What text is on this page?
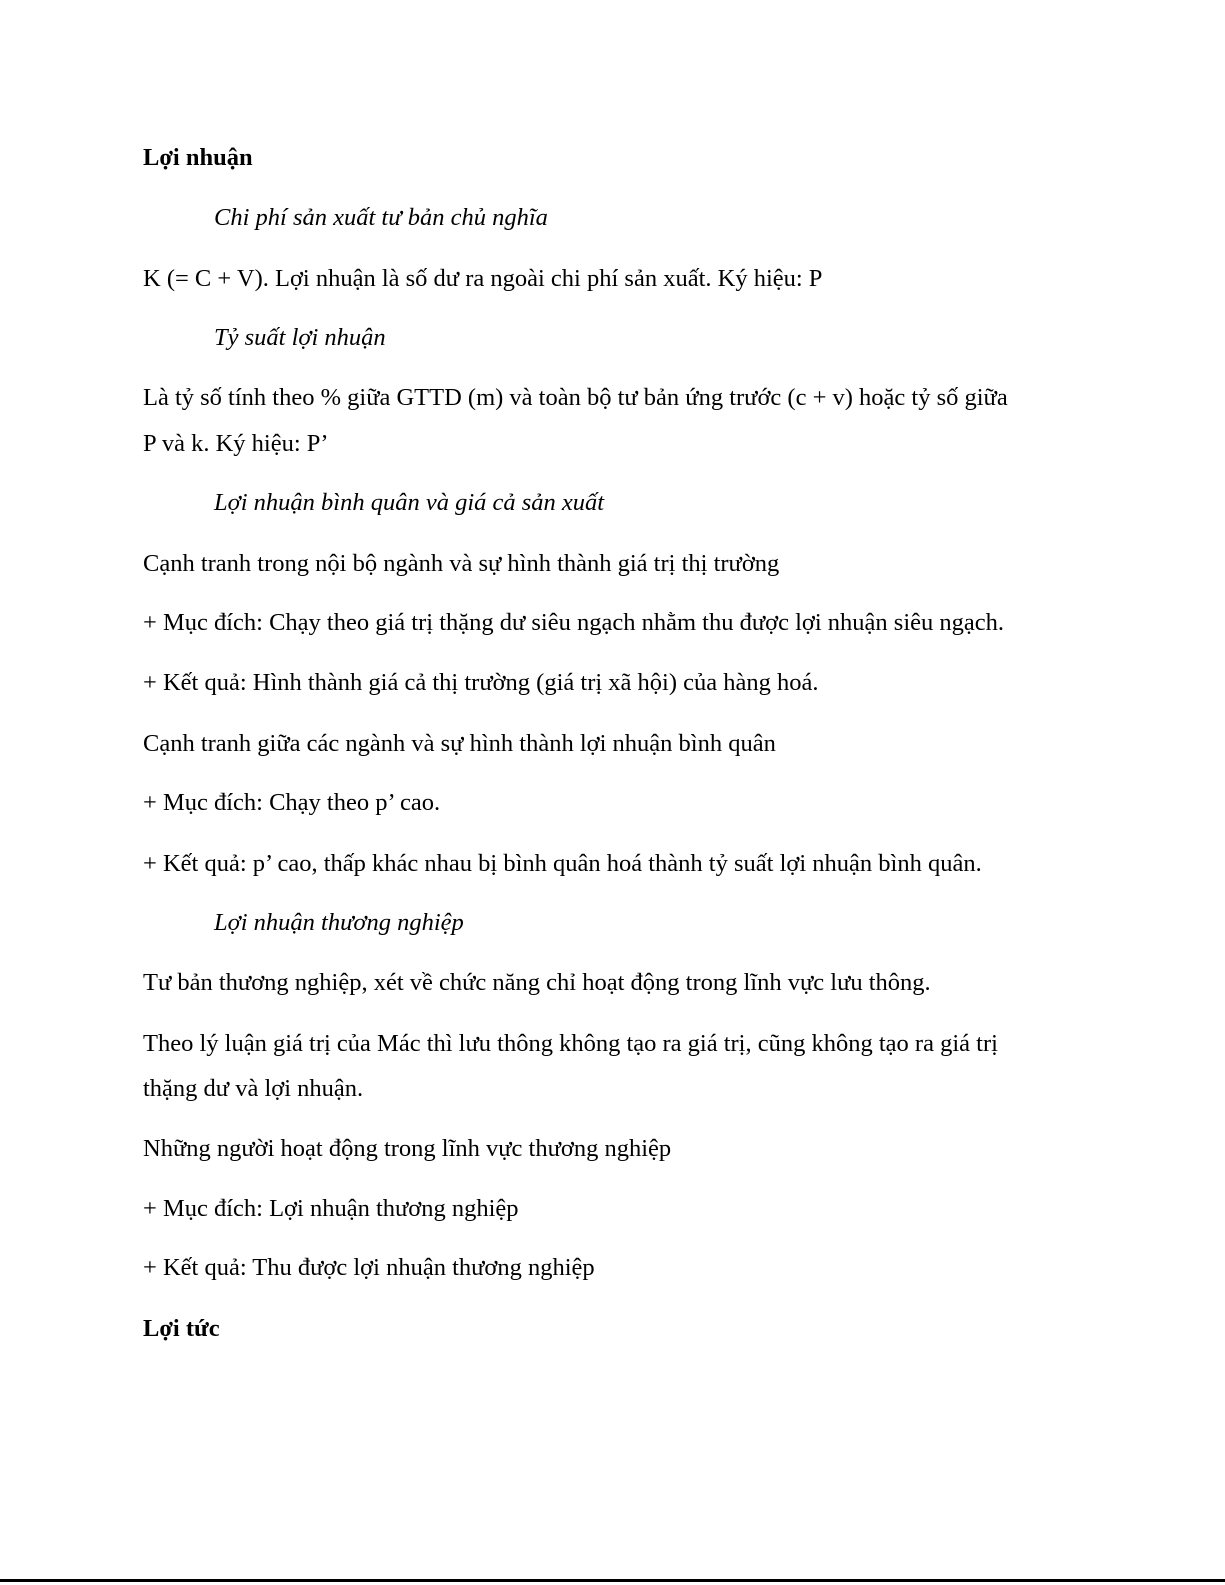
Lợi nhuận
Chi phí sản xuất tư bản chủ nghĩa
K (= C + V). Lợi nhuận là số dư ra ngoài chi phí sản xuất. Ký hiệu: P
Tỷ suất lợi nhuận
Là tỷ số tính theo % giữa GTTD (m) và toàn bộ tư bản ứng trước (c + v) hoặc tỷ số giữa
P và k. Ký hiệu: P’
Lợi nhuận bình quân và giá cả sản xuất
Cạnh tranh trong nội bộ ngành và sự hình thành giá trị thị trường
+ Mục đích: Chạy theo giá trị thặng dư siêu ngạch nhằm thu được lợi nhuận siêu ngạch.
+ Kết quả: Hình thành giá cả thị trường (giá trị xã hội) của hàng hoá.
Cạnh tranh giữa các ngành và sự hình thành lợi nhuận bình quân
+ Mục đích: Chạy theo p’ cao.
+ Kết quả: p’ cao, thấp khác nhau bị bình quân hoá thành tỷ suất lợi nhuận bình quân.
Lợi nhuận thương nghiệp
Tư bản thương nghiệp, xét về chức năng chỉ hoạt động trong lĩnh vực lưu thông.
Theo lý luận giá trị của Mác thì lưu thông không tạo ra giá trị, cũng không tạo ra giá trị
thặng dư và lợi nhuận.
Những người hoạt động trong lĩnh vực thương nghiệp
+ Mục đích: Lợi nhuận thương nghiệp
+ Kết quả: Thu được lợi nhuận thương nghiệp
Lợi tức
